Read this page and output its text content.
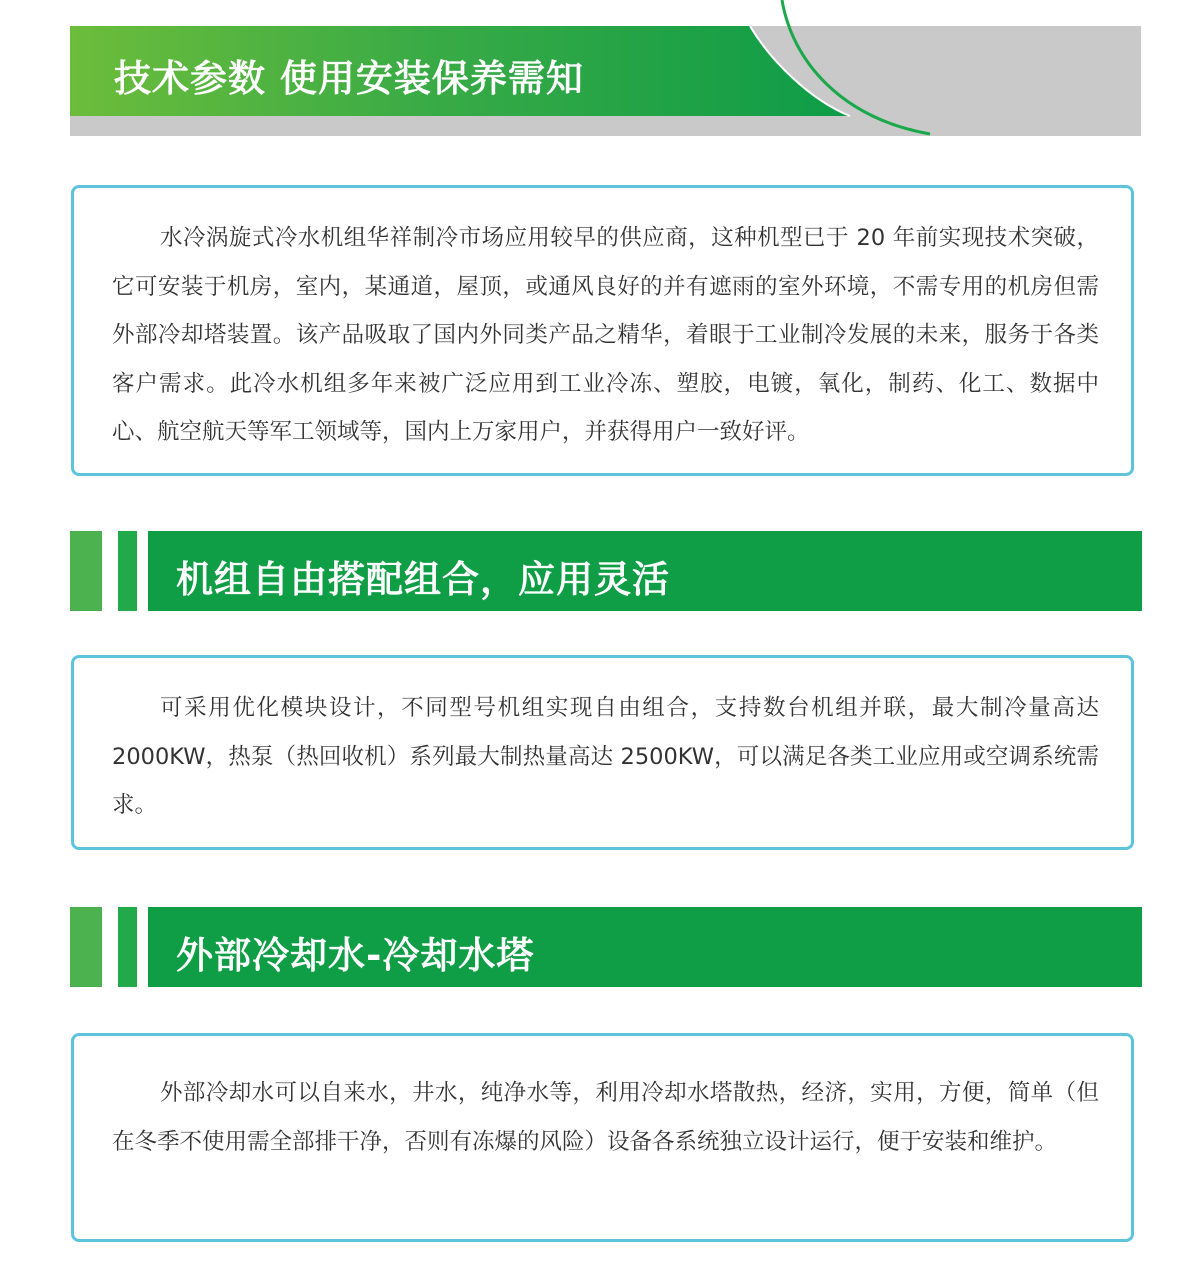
技术参数 使用安装保养需知

水冷涡旋式冷水机组华祥制冷市场应用较早的供应商，这种机型已于 20 年前实现技术突破，它可安装于机房，室内，某通道，屋顶，或通风良好的并有遮雨的室外环境，不需专用的机房但需外部冷却塔装置。该产品吸取了国内外同类产品之精华，着眼于工业制冷发展的未来，服务于各类客户需求。此冷水机组多年来被广泛应用到工业冷冻、塑胶，电镀，氧化，制药、化工、数据中心、航空航天等军工领域等，国内上万家用户，并获得用户一致好评。

机组自由搭配组合，应用灵活

可采用优化模块设计，不同型号机组实现自由组合，支持数台机组并联，最大制冷量高达 2000KW，热泵（热回收机）系列最大制热量高达 2500KW，可以满足各类工业应用或空调系统需求。

外部冷却水-冷却水塔

外部冷却水可以自来水，井水，纯净水等，利用冷却水塔散热，经济，实用，方便，简单（但在冬季不使用需全部排干净，否则有冻爆的风险）设备各系统独立设计运行，便于安装和维护。
